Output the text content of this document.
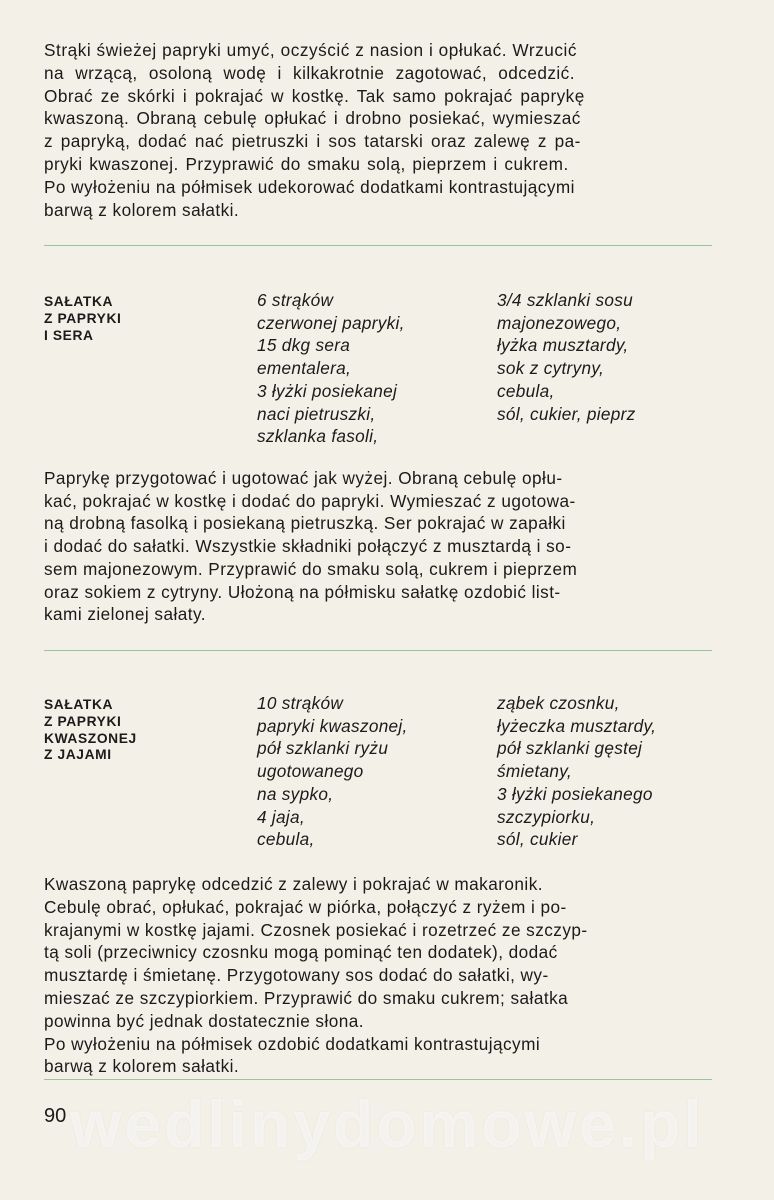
Strąki świeżej papryki umyć, oczyścić z nasion i opłukać. Wrzucić
na wrzącą, osoloną wodę i kilkakrotnie zagotować, odcedzić.
Obrać ze skórki i pokrajać w kostkę. Tak samo pokrajać paprykę
kwaszoną. Obraną cebulę opłukać i drobno posiekać, wymieszać
z papryką, dodać nać pietruszki i sos tatarski oraz zalewę z pa-
pryki kwaszonej. Przyprawić do smaku solą, pieprzem i cukrem.
Po wyłożeniu na półmisek udekorować dodatkami kontrastującymi
barwą z kolorem sałatki.
SAŁATKA
Z PAPRYKI
I SERA
6 strąków
czerwonej papryki,
15 dkg sera
ementalera,
3 łyżki posiekanej
naci pietruszki,
szklanka fasoli,
3/4 szklanki sosu
majonezowego,
łyżka musztardy,
sok z cytryny,
cebula,
sól, cukier, pieprz
Paprykę przygotować i ugotować jak wyżej. Obraną cebulę opłu-
kać, pokrajać w kostkę i dodać do papryki. Wymieszać z ugotowa-
ną drobną fasolką i posiekaną pietruszką. Ser pokrajać w zapałki
i dodać do sałatki. Wszystkie składniki połączyć z musztardą i so-
sem majonezowym. Przyprawić do smaku solą, cukrem i pieprzem
oraz sokiem z cytryny. Ułożoną na półmisku sałatkę ozdobić list-
kami zielonej sałaty.
SAŁATKA
Z PAPRYKI
KWASZONEJ
Z JAJAMI
10 strąków
papryki kwaszonej,
pół szklanki ryżu
ugotowanego
na sypko,
4 jaja,
cebula,
ząbek czosnku,
łyżeczka musztardy,
pół szklanki gęstej
śmietany,
3 łyżki posiekanego
szczypiorku,
sól, cukier
Kwaszoną paprykę odcedzić z zalewy i pokrajać w makaronik.
Cebulę obrać, opłukać, pokrajać w piórka, połączyć z ryżem i po-
krajanymi w kostkę jajami. Czosnek posiekać i rozetrzeć ze szczyp-
tą soli (przeciwnicy czosnku mogą pominąć ten dodatek), dodać
musztardę i śmietanę. Przygotowany sos dodać do sałatki, wy-
mieszać ze szczypiorkiem. Przyprawić do smaku cukrem; sałatka
powinna być jednak dostatecznie słona.
Po wyłożeniu na półmisek ozdobić dodatkami kontrastującymi
barwą z kolorem sałatki.
wedlinydomowe.pl
90
